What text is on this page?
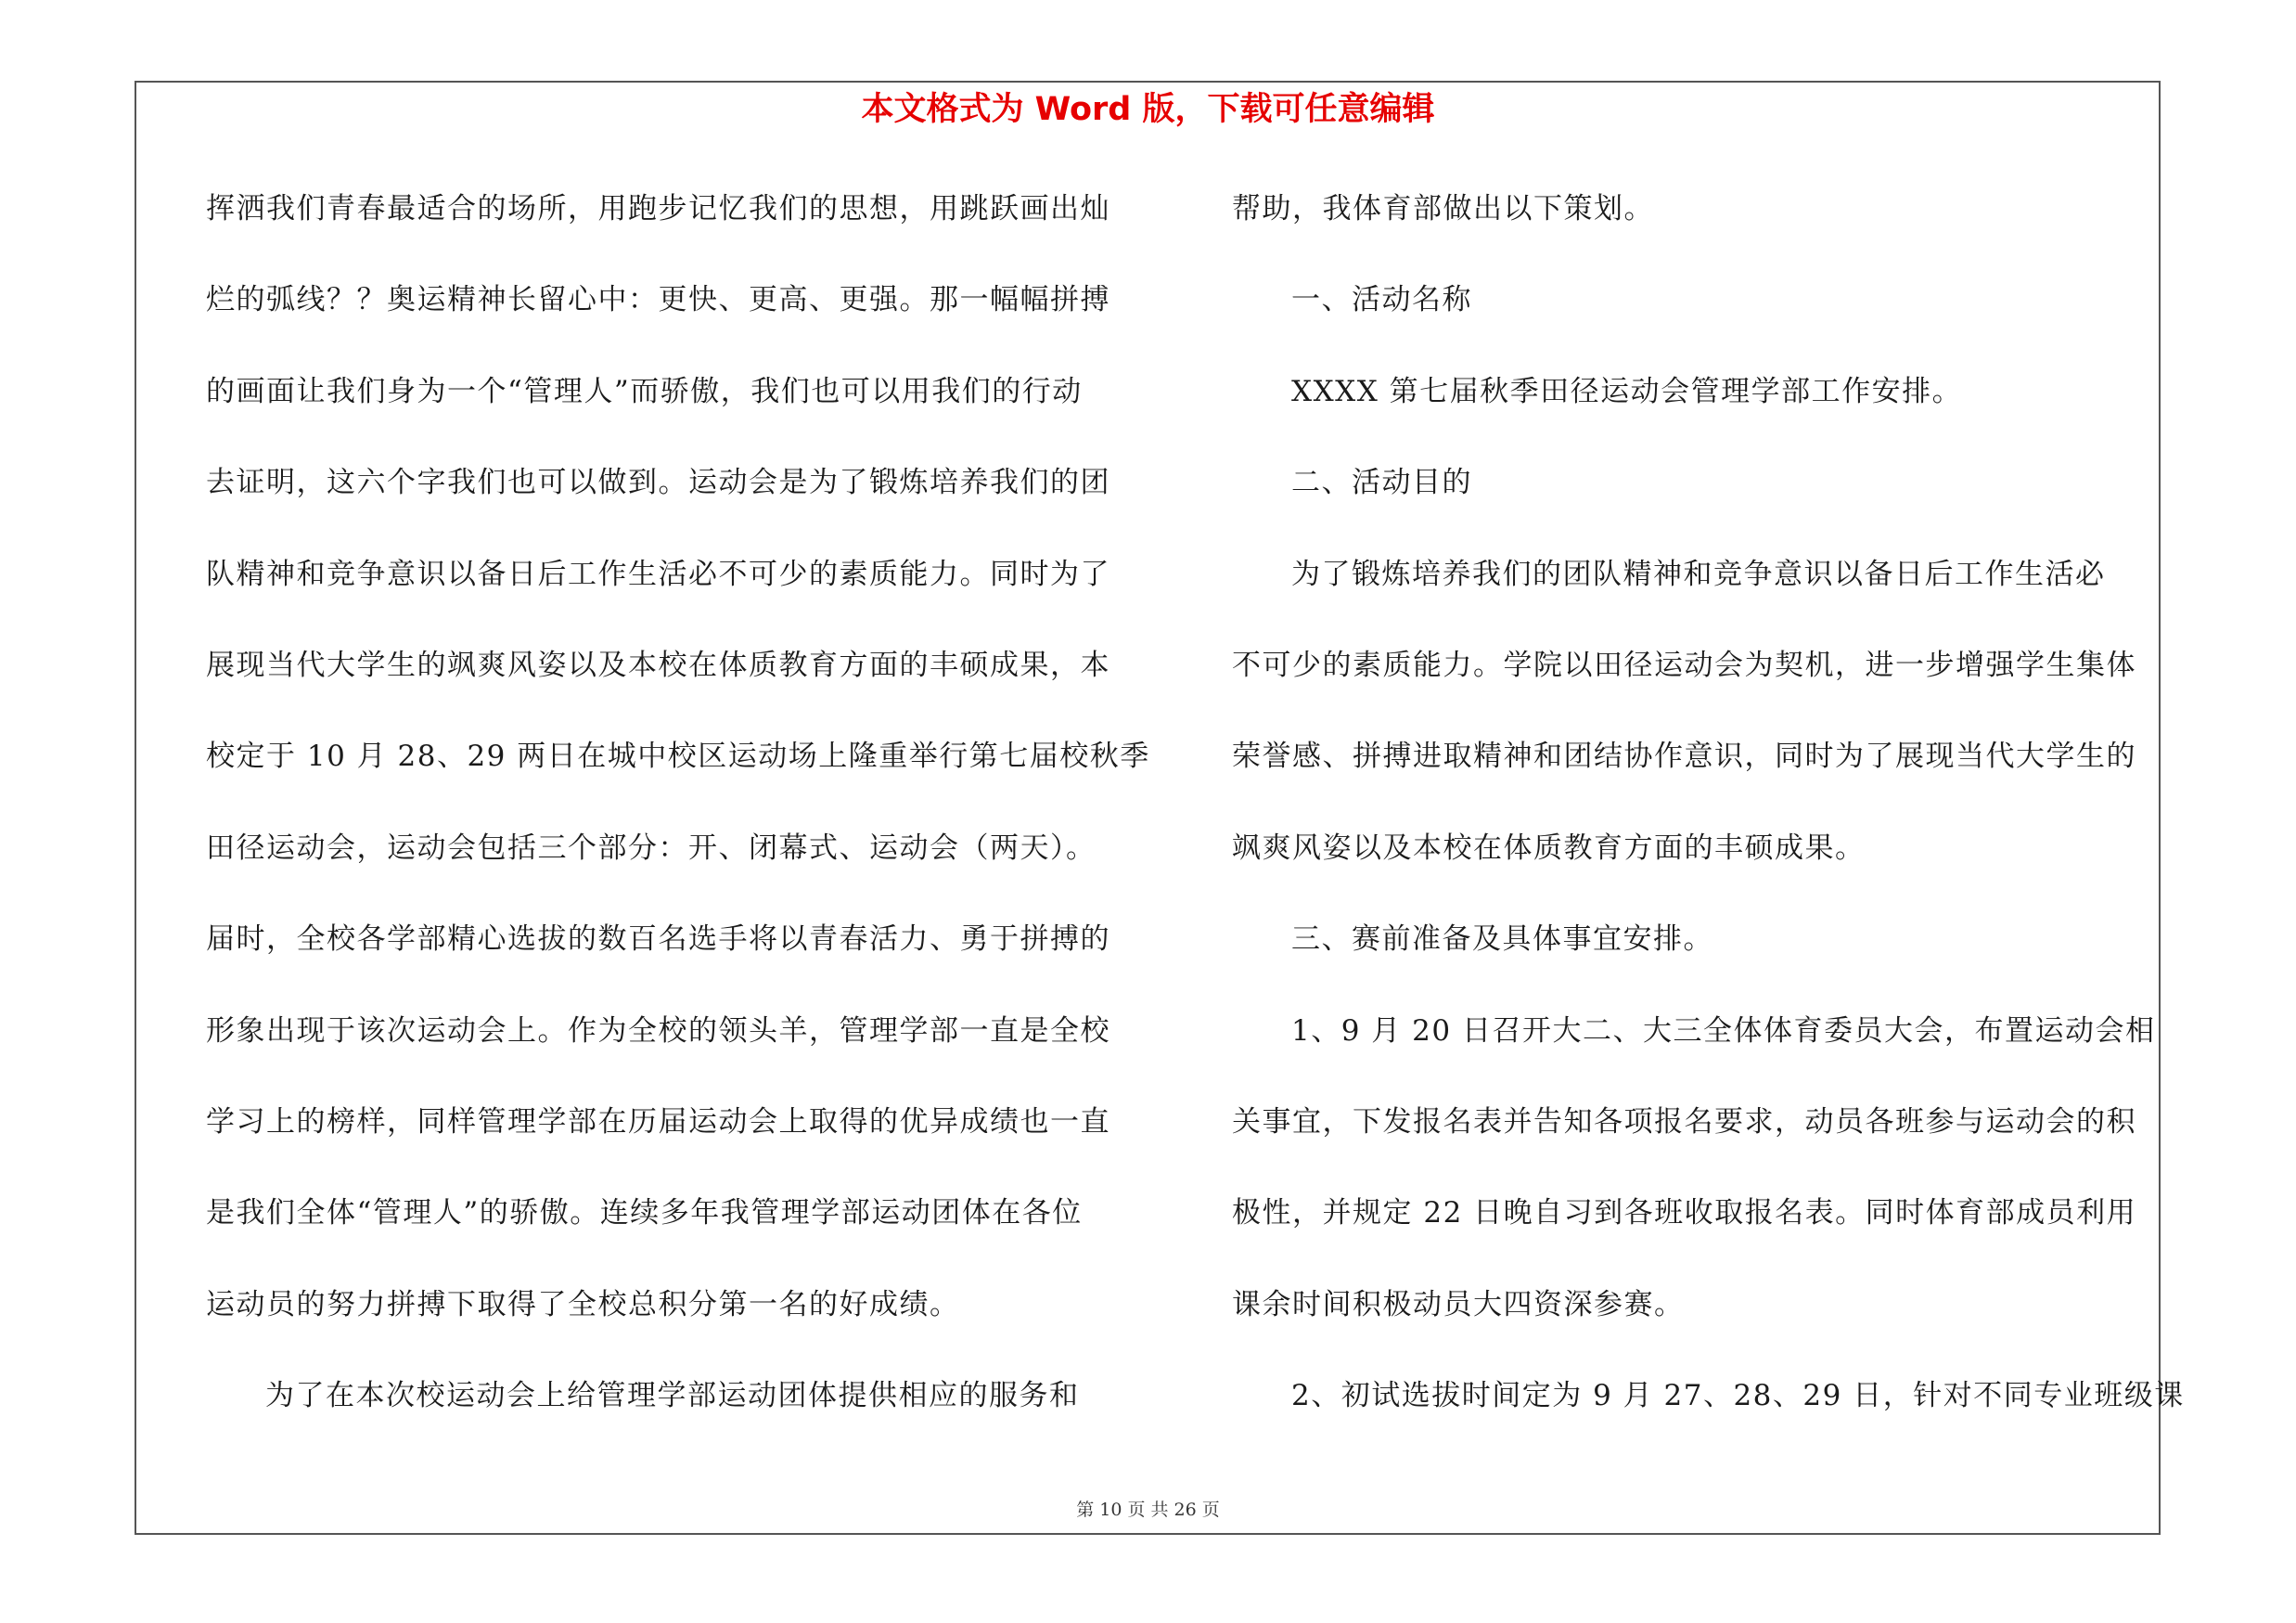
本文格式为 Word 版，下载可任意编辑
挥洒我们青春最适合的场所，用跑步记忆我们的思想，用跳跃画出灿
烂的弧线？？奥运精神长留心中：更快、更高、更强。那一幅幅拼搏
的画面让我们身为一个“管理人”而骄傲，我们也可以用我们的行动
去证明，这六个字我们也可以做到。运动会是为了锻炼培养我们的团
队精神和竞争意识以备日后工作生活必不可少的素质能力。同时为了
展现当代大学生的飒爽风姿以及本校在体质教育方面的丰硕成果，本
校定于 10 月 28、29 两日在城中校区运动场上隆重举行第七届校秋季
田径运动会，运动会包括三个部分：开、闭幕式、运动会（两天）。
届时，全校各学部精心选拔的数百名选手将以青春活力、勇于拼搏的
形象出现于该次运动会上。作为全校的领头羊，管理学部一直是全校
学习上的榜样，同样管理学部在历届运动会上取得的优异成绩也一直
是我们全体“管理人”的骄傲。连续多年我管理学部运动团体在各位
运动员的努力拼搏下取得了全校总积分第一名的好成绩。
为了在本次校运动会上给管理学部运动团体提供相应的服务和
帮助，我体育部做出以下策划。
一、活动名称
XXXX 第七届秋季田径运动会管理学部工作安排。
二、活动目的
为了锻炼培养我们的团队精神和竞争意识以备日后工作生活必
不可少的素质能力。学院以田径运动会为契机，进一步增强学生集体
荣誉感、拼搏进取精神和团结协作意识，同时为了展现当代大学生的
飒爽风姿以及本校在体质教育方面的丰硕成果。
三、赛前准备及具体事宜安排。
1、9 月 20 日召开大二、大三全体体育委员大会，布置运动会相
关事宜，下发报名表并告知各项报名要求，动员各班参与运动会的积
极性，并规定 22 日晚自习到各班收取报名表。同时体育部成员利用
课余时间积极动员大四资深参赛。
2、初试选拔时间定为 9 月 27、28、29 日，针对不同专业班级课
第 10 页 共 26 页
